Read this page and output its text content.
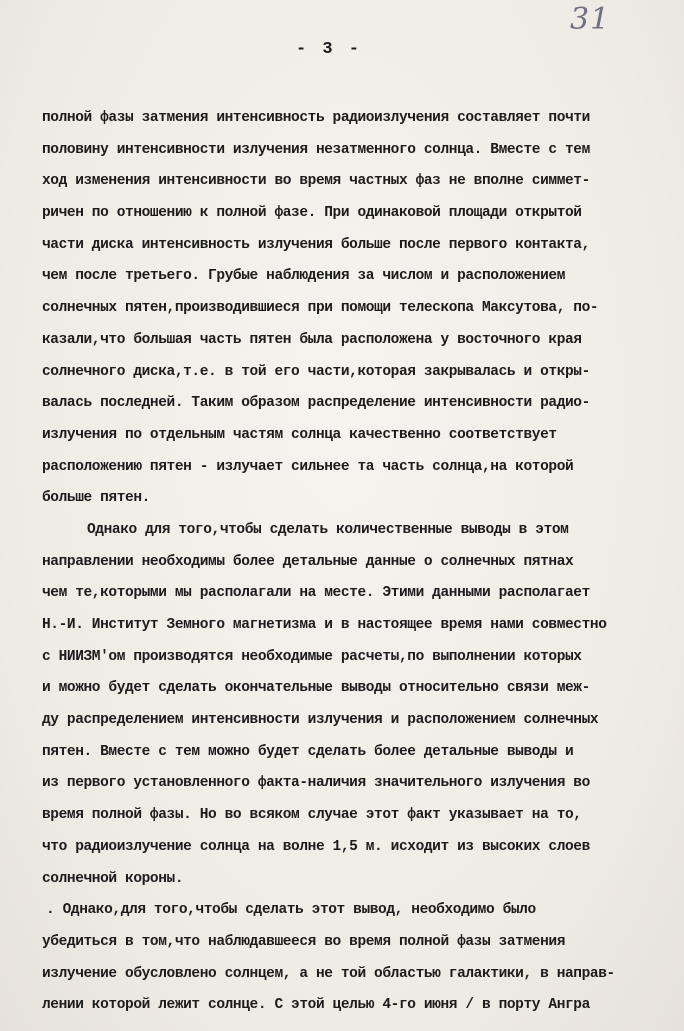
31
- 3 -
полной фазы затмения интенсивность радиоизлучения составляет почти
половину интенсивности излучения незатменного солнца. Вместе с тем
ход изменения интенсивности во время частных фаз не вполне симмет-
ричен по отношению к полной фазе. При одинаковой площади открытой
части диска интенсивность излучения больше после первого контакта,
чем после третьего. Грубые наблюдения за числом и расположением
солнечных пятен,производившиеся при помощи телескопа Максутова, по-
казали,что большая часть пятен была расположена у восточного края
солнечного диска,т.е. в той его части,которая закрывалась и откры-
валась последней. Таким образом распределение интенсивности радио-
излучения по отдельным частям солнца качественно соответствует
расположению пятен - излучает сильнее та часть солнца,на которой
больше пятен.
Однако для того,чтобы сделать количественные выводы в этом
направлении необходимы более детальные данные о солнечных пятнах
чем те,которыми мы располагали на месте. Этими данными располагает
Н.-И. Институт Земного магнетизма и в настоящее время нами совместно
с НИИЗМ'ом производятся необходимые расчеты,по выполнении которых
и можно будет сделать окончательные выводы относительно связи меж-
ду распределением интенсивности излучения и расположением солнечных
пятен. Вместе с тем можно будет сделать более детальные выводы и
из первого установленного факта-наличия значительного излучения во
время полной фазы. Но во всяком случае этот факт указывает на то,
что радиоизлучение солнца на волне 1,5 м. исходит из высоких слоев
солнечной короны.
. Однако,для того,чтобы сделать этот вывод, необходимо было
убедиться в том,что наблюдавшееся во время полной фазы затмения
излучение обусловлено солнцем, а не той областью галактики, в направ-
лении которой лежит солнце. С этой целью 4-го июня / в порту Ангра
